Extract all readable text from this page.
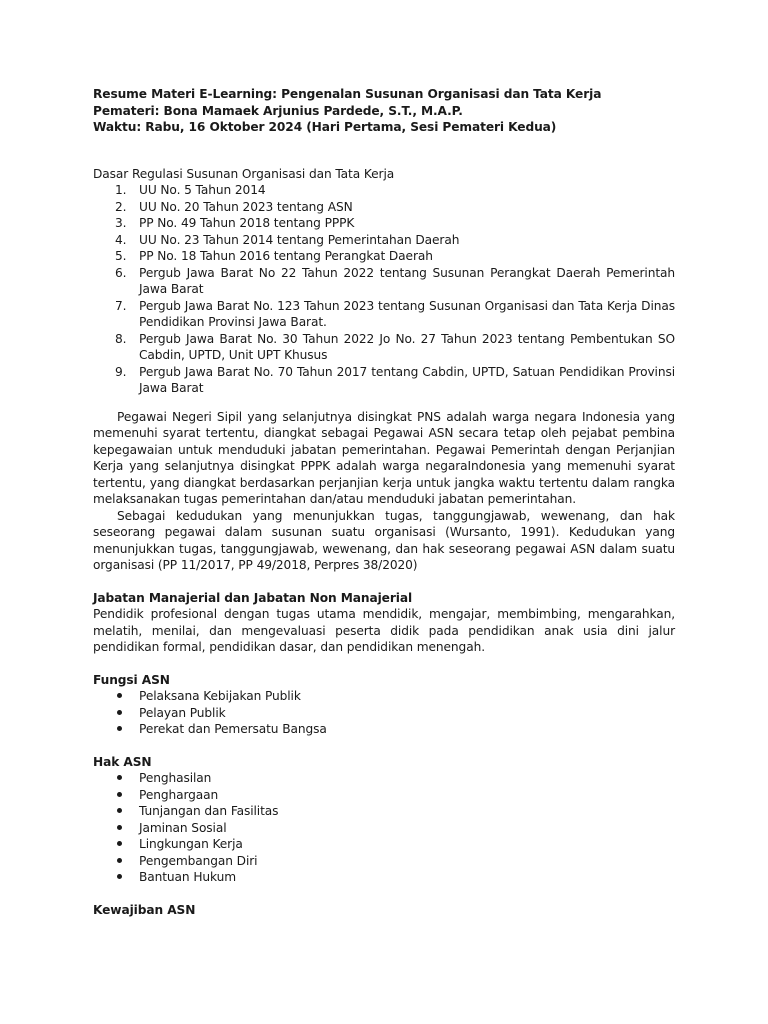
Resume Materi E-Learning: Pengenalan Susunan Organisasi dan Tata Kerja
Pemateri: Bona Mamaek Arjunius Pardede, S.T., M.A.P.
Waktu: Rabu, 16 Oktober 2024 (Hari Pertama, Sesi Pemateri Kedua)
Dasar Regulasi Susunan Organisasi dan Tata Kerja
1. UU No. 5 Tahun 2014
2. UU No. 20 Tahun 2023 tentang ASN
3. PP No. 49 Tahun 2018 tentang PPPK
4. UU No. 23 Tahun 2014 tentang Pemerintahan Daerah
5. PP No. 18 Tahun 2016 tentang Perangkat Daerah
6. Pergub Jawa Barat No 22 Tahun 2022 tentang Susunan Perangkat Daerah Pemerintah Jawa Barat
7. Pergub Jawa Barat No. 123 Tahun 2023 tentang Susunan Organisasi dan Tata Kerja Dinas Pendidikan Provinsi Jawa Barat.
8. Pergub Jawa Barat No. 30 Tahun 2022 Jo No. 27 Tahun 2023 tentang Pembentukan SO Cabdin, UPTD, Unit UPT Khusus
9. Pergub Jawa Barat No. 70 Tahun 2017 tentang Cabdin, UPTD, Satuan Pendidikan Provinsi Jawa Barat

Pegawai Negeri Sipil yang selanjutnya disingkat PNS adalah warga negara Indonesia yang memenuhi syarat tertentu, diangkat sebagai Pegawai ASN secara tetap oleh pejabat pembina kepegawaian untuk menduduki jabatan pemerintahan. Pegawai Pemerintah dengan Perjanjian Kerja yang selanjutnya disingkat PPPK adalah warga negaraIndonesia yang memenuhi syarat tertentu, yang diangkat berdasarkan perjanjian kerja untuk jangka waktu tertentu dalam rangka melaksanakan tugas pemerintahan dan/atau menduduki jabatan pemerintahan.

Sebagai kedudukan yang menunjukkan tugas, tanggungjawab, wewenang, dan hak seseorang pegawai dalam susunan suatu organisasi (Wursanto, 1991). Kedudukan yang menunjukkan tugas, tanggungjawab, wewenang, dan hak seseorang pegawai ASN dalam suatu organisasi (PP 11/2017, PP 49/2018, Perpres 38/2020)

Jabatan Manajerial dan Jabatan Non Manajerial

Pendidik profesional dengan tugas utama mendidik, mengajar, membimbing, mengarahkan, melatih, menilai, dan mengevaluasi peserta didik pada pendidikan anak usia dini jalur pendidikan formal, pendidikan dasar, dan pendidikan menengah.

Fungsi ASN
Pelaksana Kebijakan Publik
Pelayan Publik
Perekat dan Pemersatu Bangsa
Hak ASN
Penghasilan
Penghargaan
Tunjangan dan Fasilitas
Jaminan Sosial
Lingkungan Kerja
Pengembangan Diri
Bantuan Hukum
Kewajiban ASN
